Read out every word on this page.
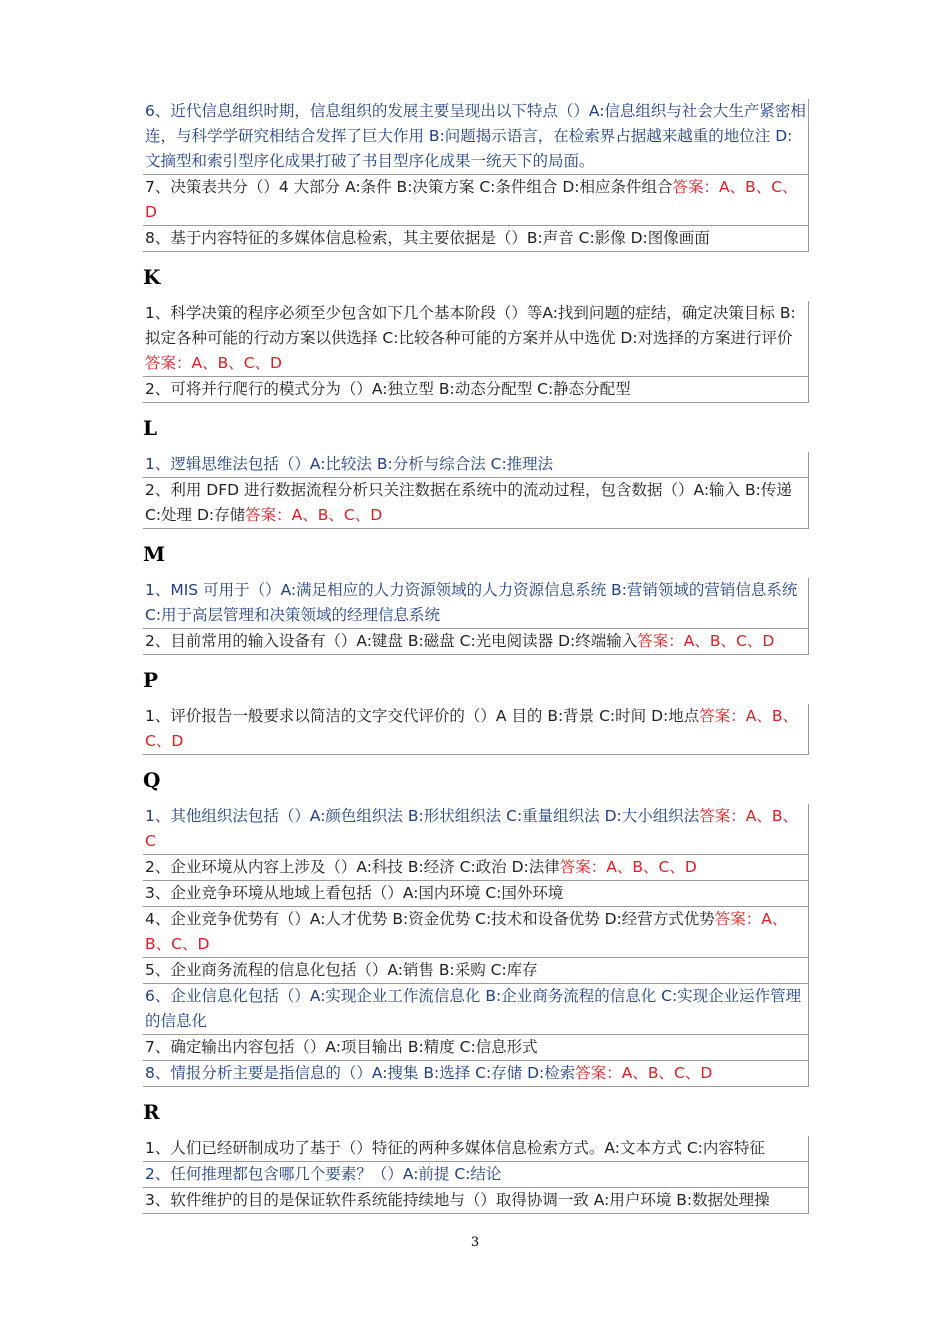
6、近代信息组织时期，信息组织的发展主要呈现出以下特点（）A:信息组织与社会大生产紧密相连，与科学学研究相结合发挥了巨大作用 B:问题揭示语言，在检索界占据越来越重的地位注 D:文摘型和索引型序化成果打破了书目型序化成果一统天下的局面。
7、决策表共分（）4 大部分 A:条件 B:决策方案 C:条件组合 D:相应条件组合答案：A、B、C、D
8、基于内容特征的多媒体信息检索，其主要依据是（）B:声音 C:影像 D:图像画面
K
1、科学决策的程序必须至少包含如下几个基本阶段（）等A:找到问题的症结，确定决策目标 B:拟定各种可能的行动方案以供选择 C:比较各种可能的方案并从中选优 D:对选择的方案进行评价答案：A、B、C、D
2、可将并行爬行的模式分为（）A:独立型 B:动态分配型 C:静态分配型
L
1、逻辑思维法包括（）A:比较法 B:分析与综合法 C:推理法
2、利用 DFD 进行数据流程分析只关注数据在系统中的流动过程，包含数据（）A:输入 B:传递 C:处理 D:存储答案：A、B、C、D
M
1、MIS 可用于（）A:满足相应的人力资源领域的人力资源信息系统 B:营销领域的营销信息系统 C:用于高层管理和决策领域的经理信息系统
2、目前常用的输入设备有（）A:键盘 B:磁盘 C:光电阅读器 D:终端输入答案：A、B、C、D
P
1、评价报告一般要求以简洁的文字交代评价的（）A 目的 B:背景 C:时间 D:地点答案：A、B、C、D
Q
1、其他组织法包括（）A:颜色组织法 B:形状组织法 C:重量组织法 D:大小组织法答案：A、B、C
2、企业环境从内容上涉及（）A:科技 B:经济 C:政治 D:法律答案：A、B、C、D
3、企业竞争环境从地域上看包括（）A:国内环境 C:国外环境
4、企业竞争优势有（）A:人才优势 B:资金优势 C:技术和设备优势 D:经营方式优势答案：A、B、C、D
5、企业商务流程的信息化包括（）A:销售 B:采购 C:库存
6、企业信息化包括（）A:实现企业工作流信息化 B:企业商务流程的信息化 C:实现企业运作管理的信息化
7、确定输出内容包括（）A:项目输出 B:精度 C:信息形式
8、情报分析主要是指信息的（）A:搜集 B:选择 C:存储 D:检索答案：A、B、C、D
R
1、人们已经研制成功了基于（）特征的两种多媒体信息检索方式。A:文本方式 C:内容特征
2、任何推理都包含哪几个要素？（）A:前提 C:结论
3、软件维护的目的是保证软件系统能持续地与（）取得协调一致 A:用户环境 B:数据处理操
3
